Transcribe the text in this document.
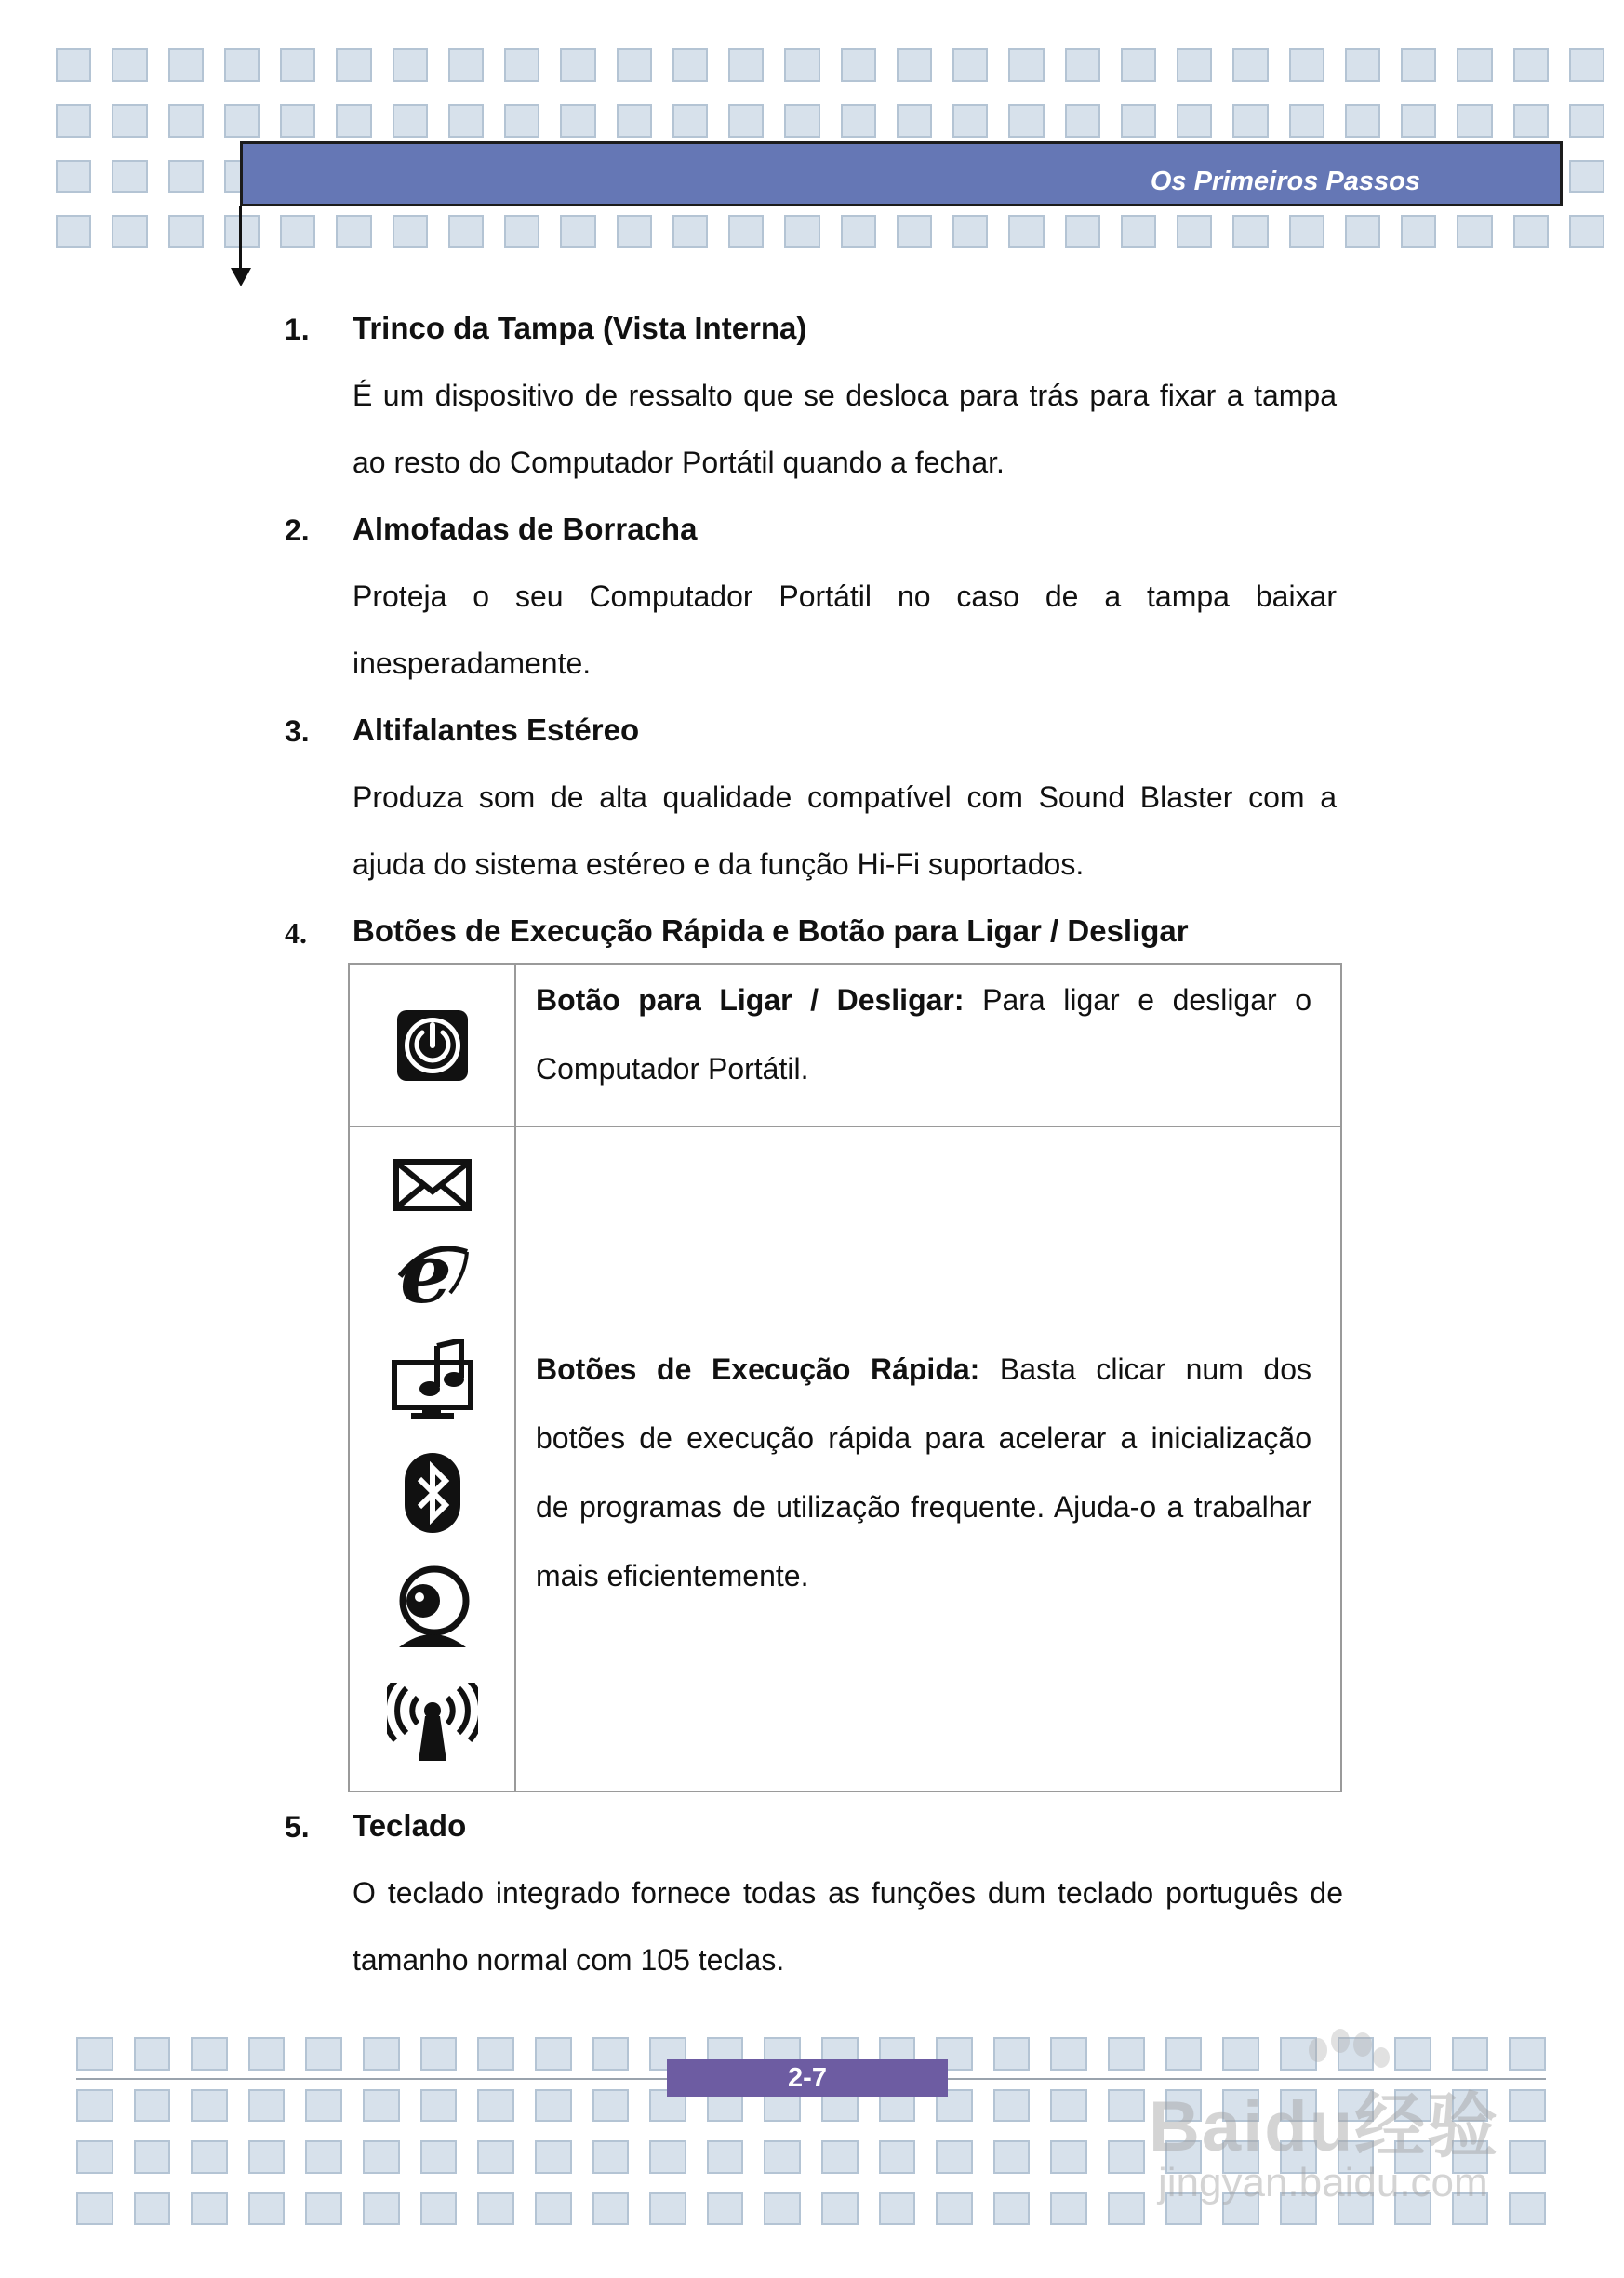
Os Primeiros Passos
1. Trinco da Tampa (Vista Interna)
É um dispositivo de ressalto que se desloca para trás para fixar a tampa ao resto do Computador Portátil quando a fechar.
2. Almofadas de Borracha
Proteja o seu Computador Portátil no caso de a tampa baixar inesperadamente.
3. Altifalantes Estéreo
Produza som de alta qualidade compatível com Sound Blaster com a ajuda do sistema estéreo e da função Hi-Fi suportados.
4. Botões de Execução Rápida e Botão para Ligar / Desligar
Botão para Ligar / Desligar: Para ligar e desligar o Computador Portátil.
e
Botões de Execução Rápida: Basta clicar num dos botões de execução rápida para acelerar a inicialização de programas de utilização frequente. Ajuda-o a trabalhar mais eficientemente.
5. Teclado
O teclado integrado fornece todas as funções dum teclado português de tamanho normal com 105 teclas.
2-7
Baidu经验
jingyan.baidu.com
